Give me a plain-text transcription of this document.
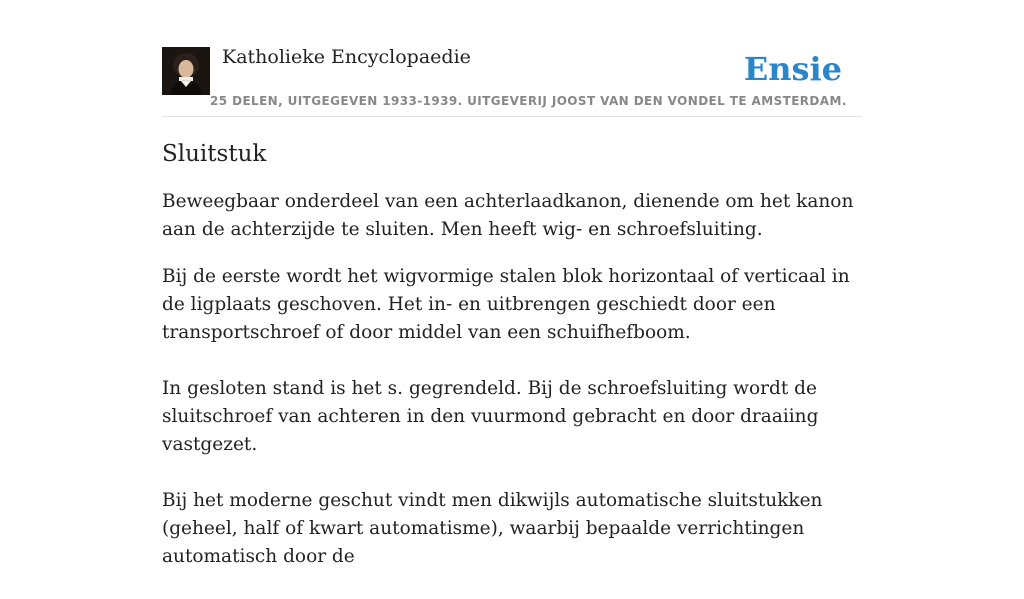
Katholieke Encyclopaedie
25 DELEN, UITGEGEVEN 1933-1939. UITGEVERIJ JOOST VAN DEN VONDEL TE AMSTERDAM.
Ensie
Sluitstuk

Beweegbaar onderdeel van een achterlaadkanon, dienende om het kanon aan de achterzijde te sluiten. Men heeft wig- en schroefsluiting.

Bij de eerste wordt het wigvormige stalen blok horizontaal of verticaal in de ligplaats geschoven. Het in- en uitbrengen geschiedt door een transportschroef of door middel van een schuifhefboom.

In gesloten stand is het s. gegrendeld. Bij de schroefsluiting wordt de sluitschroef van achteren in den vuurmond gebracht en door draaiing vastgezet.

Bij het moderne geschut vindt men dikwijls automatische sluitstukken (geheel, half of kwart automatisme), waarbij bepaalde verrichtingen automatisch door de
